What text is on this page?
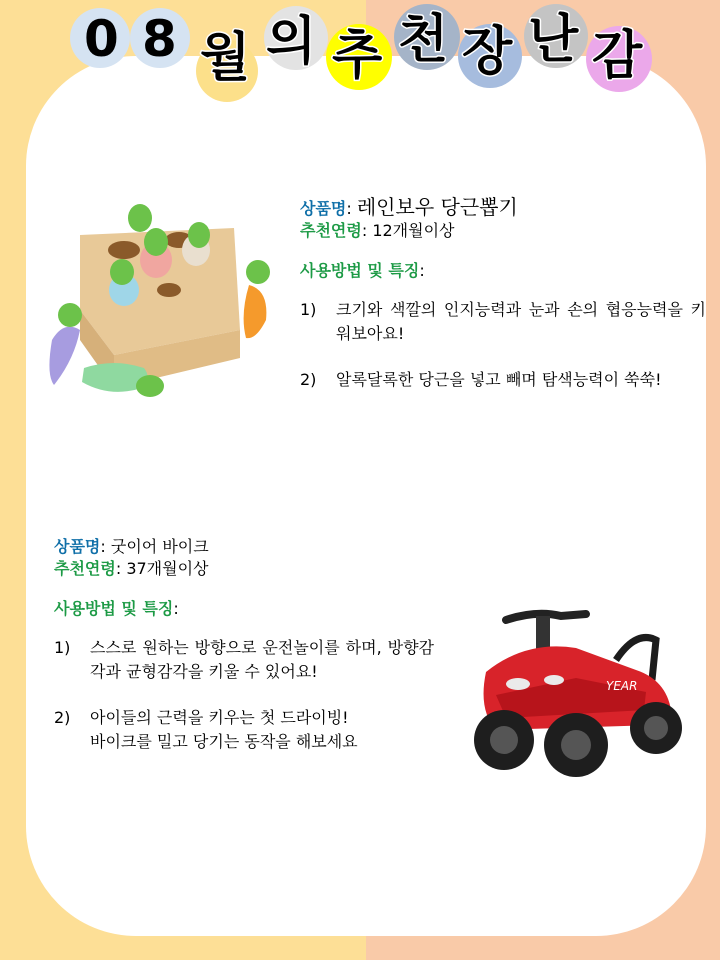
0 8 월 의 추 천 장 난 감
상품명: 레인보우 당근뽑기
추천연령: 12개월이상
사용방법 및 특징:
1) 크기와 색깔의 인지능력과 눈과 손의 협응능력을 키워보아요!
2) 알록달록한 당근을 넣고 빼며 탐색능력이 쑥쑥!
상품명: 굿이어 바이크
추천연령: 37개월이상
사용방법 및 특징:
1) 스스로 원하는 방향으로 운전놀이를 하며, 방향감각과 균형감각을 키울 수 있어요!
2) 아이들의 근력을 키우는 첫 드라이빙!
바이크를 밀고 당기는 동작을 해보세요
YEAR
